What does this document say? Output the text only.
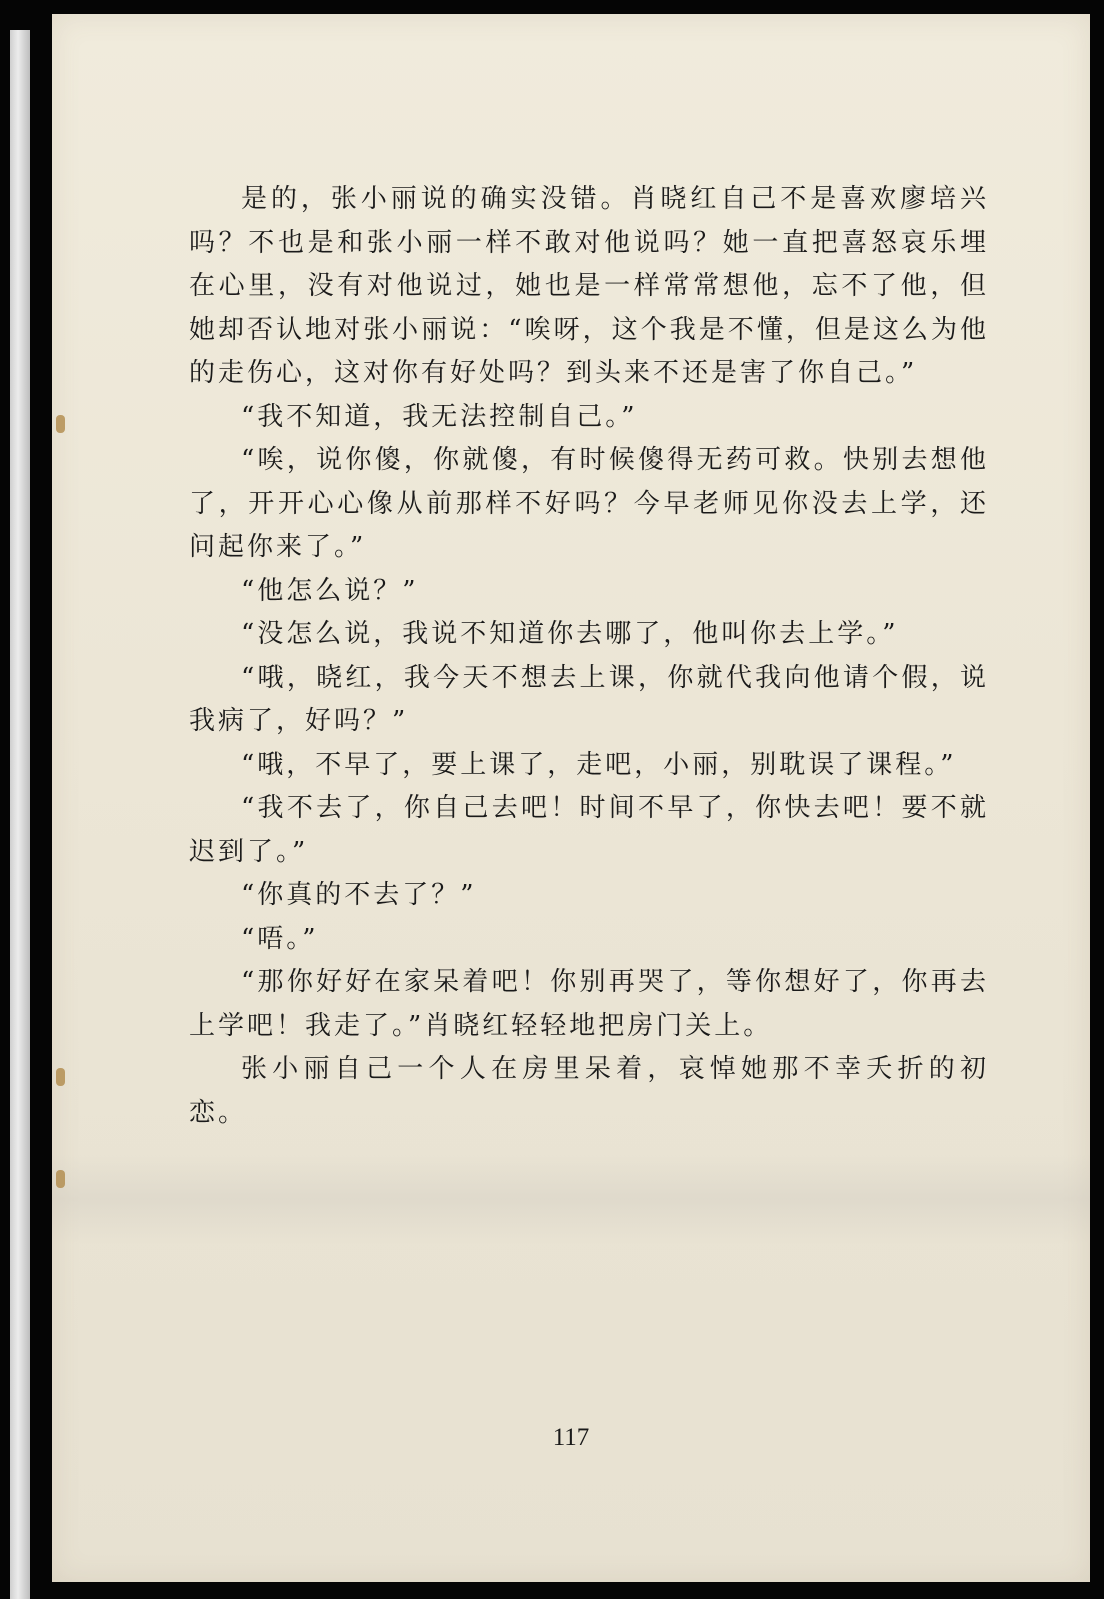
是的，张小丽说的确实没错。肖晓红自己不是喜欢廖培兴吗？不也是和张小丽一样不敢对他说吗？她一直把喜怒哀乐埋在心里，没有对他说过，她也是一样常常想他，忘不了他，但她却否认地对张小丽说：“唉呀，这个我是不懂，但是这么为他的走伤心，这对你有好处吗？到头来不还是害了你自己。”

“我不知道，我无法控制自己。”

“唉，说你傻，你就傻，有时候傻得无药可救。快别去想他了，开开心心像从前那样不好吗？今早老师见你没去上学，还问起你来了。”

“他怎么说？”

“没怎么说，我说不知道你去哪了，他叫你去上学。”

“哦，晓红，我今天不想去上课，你就代我向他请个假，说我病了，好吗？”

“哦，不早了，要上课了，走吧，小丽，别耽误了课程。”

“我不去了，你自己去吧！时间不早了，你快去吧！要不就迟到了。”

“你真的不去了？”

“唔。”

“那你好好在家呆着吧！你别再哭了，等你想好了，你再去上学吧！我走了。”肖晓红轻轻地把房门关上。

张小丽自己一个人在房里呆着，哀悼她那不幸夭折的初恋。

117
